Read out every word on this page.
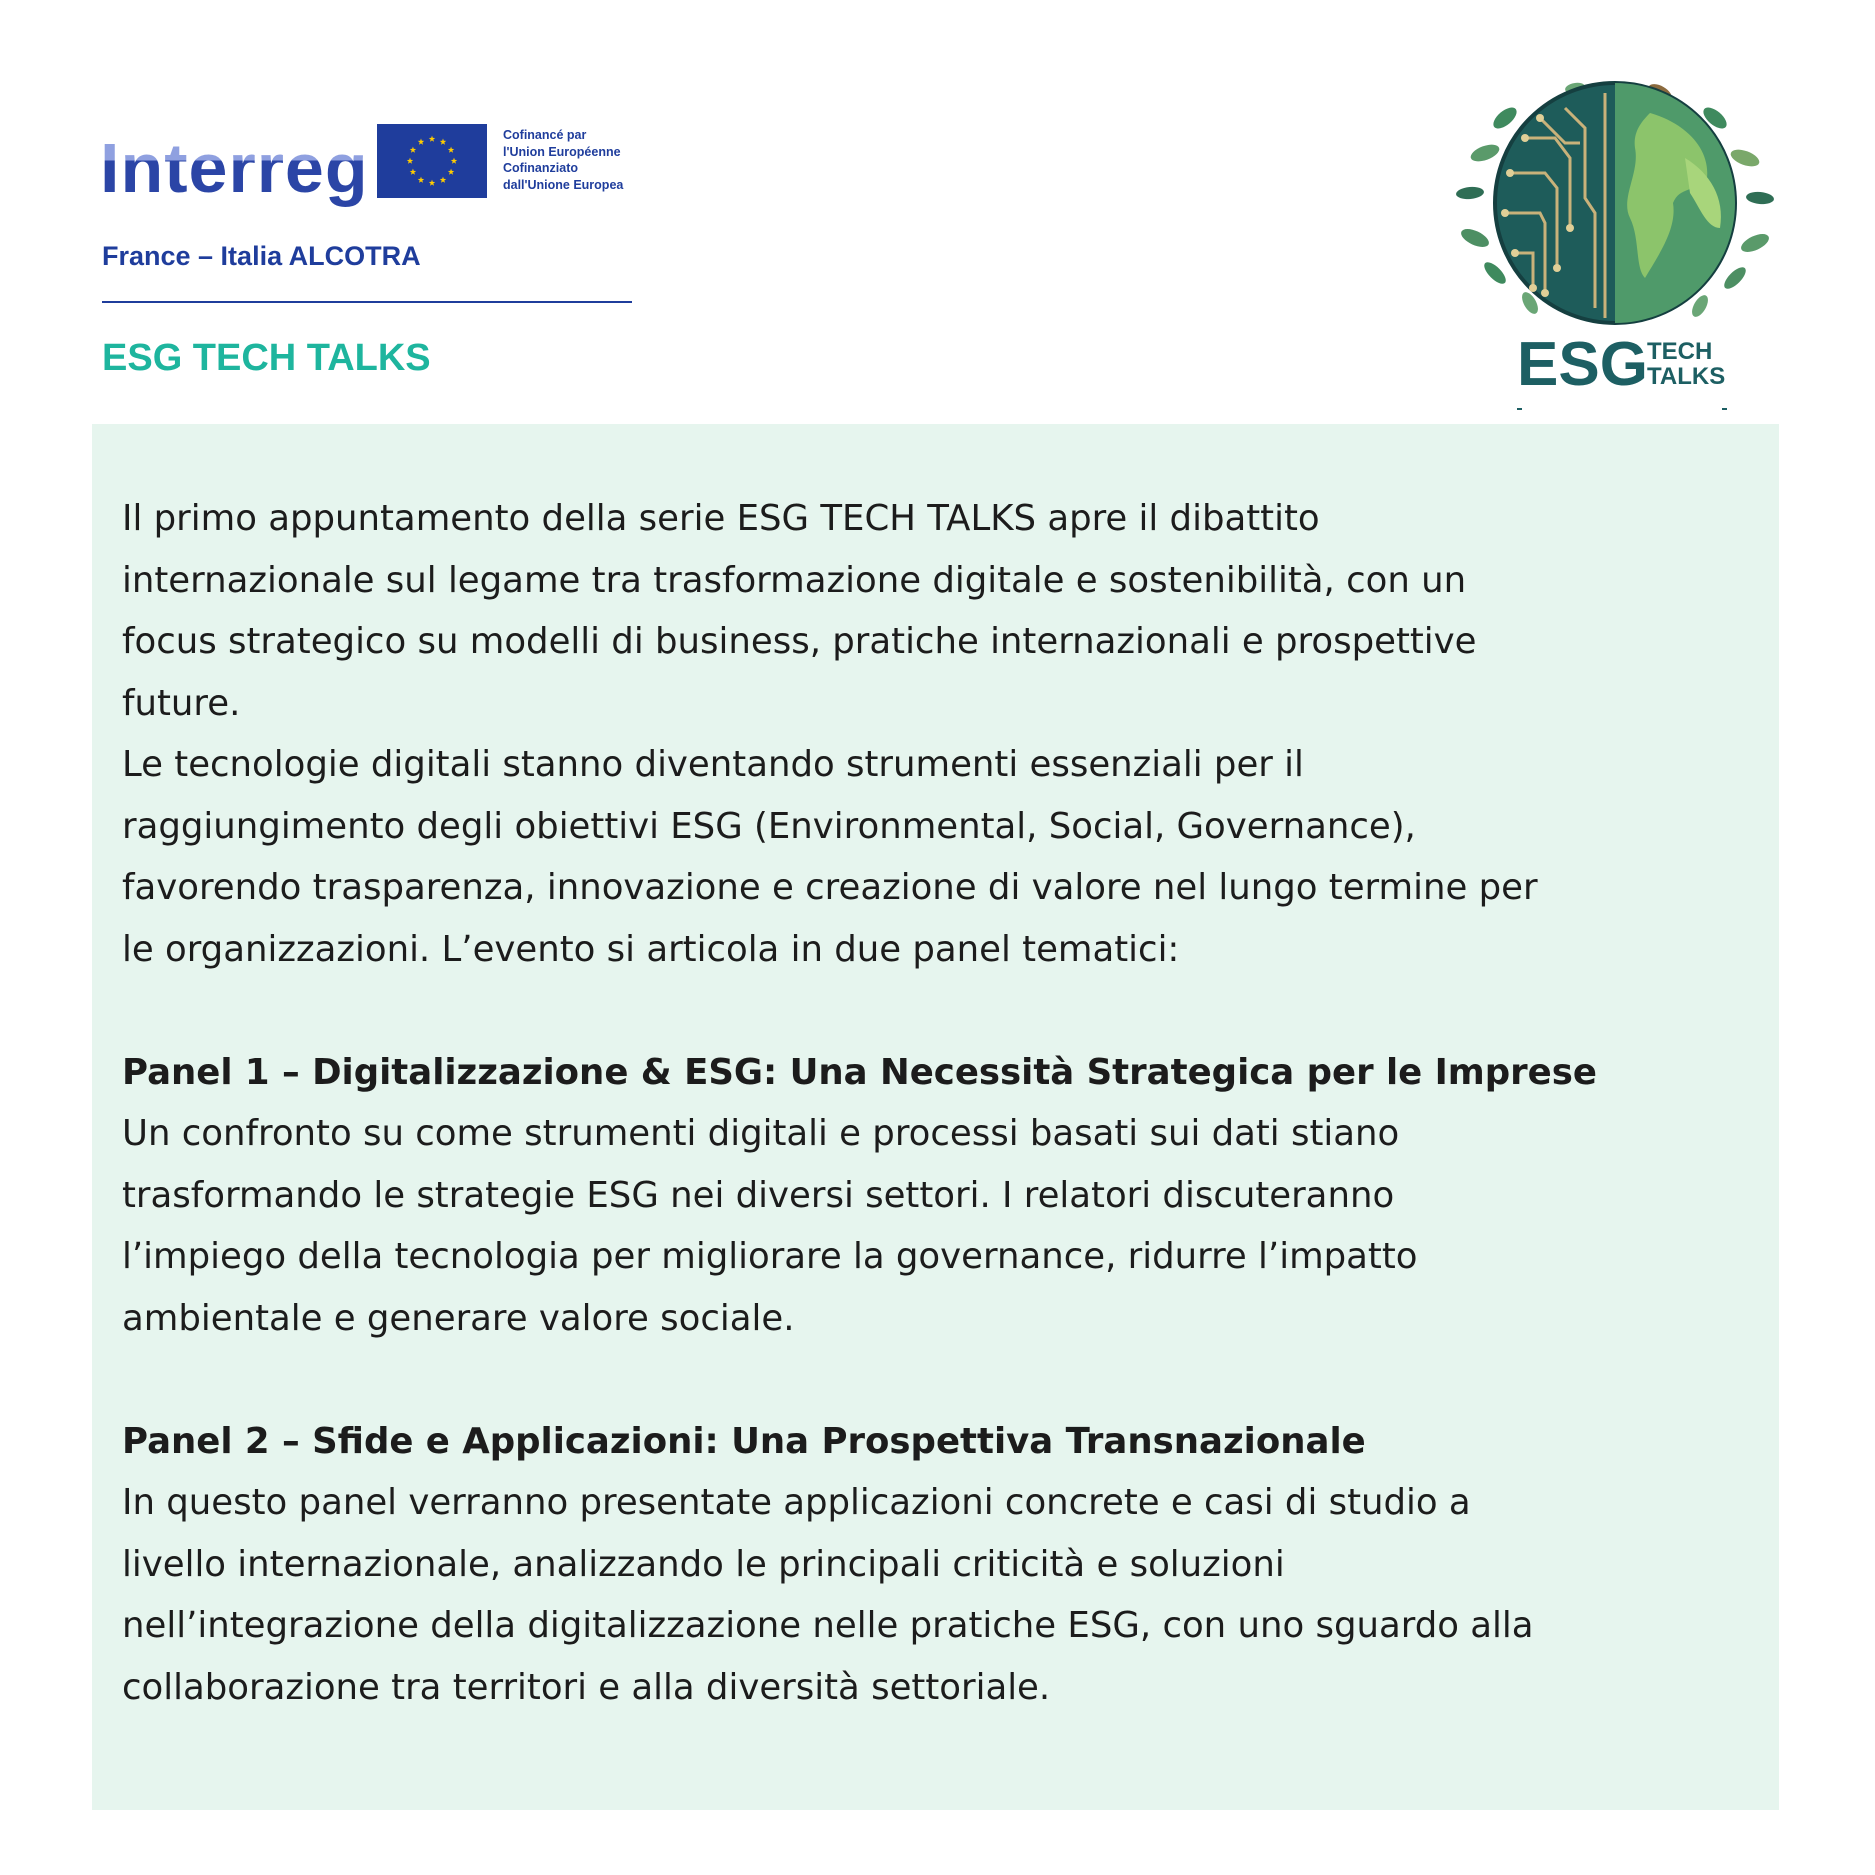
Interreg	Cofinancé par
l'Union Européenne
Cofinanziato
dall'Unione Europea
France – Italia ALCOTRA
ESG TECH TALKS	ESG TECH
TALKS

Il primo appuntamento della serie ESG TECH TALKS apre il dibattito

internazionale sul legame tra trasformazione digitale e sostenibilità, con un

focus strategico su modelli di business, pratiche internazionali e prospettive

future.

Le tecnologie digitali stanno diventando strumenti essenziali per il

raggiungimento degli obiettivi ESG (Environmental, Social, Governance),

favorendo trasparenza, innovazione e creazione di valore nel lungo termine per

le organizzazioni. L’evento si articola in due panel tematici:

Panel 1 – Digitalizzazione & ESG: Una Necessità Strategica per le Imprese

Un confronto su come strumenti digitali e processi basati sui dati stiano

trasformando le strategie ESG nei diversi settori. I relatori discuteranno

l’impiego della tecnologia per migliorare la governance, ridurre l’impatto

ambientale e generare valore sociale.

Panel 2 – Sfide e Applicazioni: Una Prospettiva Transnazionale

In questo panel verranno presentate applicazioni concrete e casi di studio a

livello internazionale, analizzando le principali criticità e soluzioni

nell’integrazione della digitalizzazione nelle pratiche ESG, con uno sguardo alla

collaborazione tra territori e alla diversità settoriale.
